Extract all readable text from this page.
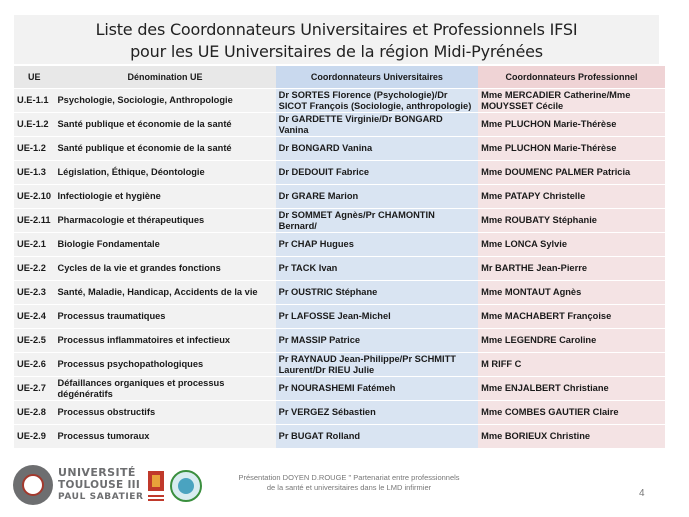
Liste des Coordonnateurs Universitaires et Professionnels IFSI
pour les UE Universitaires de la région Midi-Pyrénées
UE	Dénomination UE	Coordonnateurs Universitaires	Coordonnateurs Professionnel
U.E-1.1	Psychologie, Sociologie, Anthropologie	Dr SORTES Florence (Psychologie)/Dr SICOT François (Sociologie, anthropologie)	Mme MERCADIER Catherine/Mme MOUYSSET Cécile
U.E-1.2	Santé publique et économie de la santé	Dr GARDETTE Virginie/Dr BONGARD Vanina	Mme PLUCHON Marie-Thérèse
UE-1.2	Santé publique et économie de la santé	Dr BONGARD Vanina	Mme PLUCHON Marie-Thérèse
UE-1.3	Législation, Éthique, Déontologie	Dr DEDOUIT Fabrice	Mme DOUMENC PALMER Patricia
UE-2.10	Infectiologie et hygiène	Dr GRARE Marion	Mme PATAPY Christelle
UE-2.11	Pharmacologie et thérapeutiques	Dr SOMMET Agnès/Pr CHAMONTIN Bernard/	Mme ROUBATY Stéphanie
UE-2.1	Biologie Fondamentale	Pr CHAP Hugues	Mme LONCA Sylvie
UE-2.2	Cycles de la vie et grandes fonctions	Pr TACK Ivan	Mr BARTHE Jean-Pierre
UE-2.3	Santé, Maladie, Handicap, Accidents de la vie	Pr OUSTRIC Stéphane	Mme MONTAUT Agnès
UE-2.4	Processus traumatiques	Pr LAFOSSE Jean-Michel	Mme MACHABERT Françoise
UE-2.5	Processus inflammatoires et infectieux	Pr MASSIP Patrice	Mme LEGENDRE Caroline
UE-2.6	Processus psychopathologiques	Pr RAYNAUD Jean-Philippe/Pr SCHMITT Laurent/Dr RIEU Julie	M RIFF C
UE-2.7	Défaillances organiques et processus dégénératifs	Pr NOURASHEMI Fatémeh	Mme ENJALBERT Christiane
UE-2.8	Processus obstructifs	Pr VERGEZ Sébastien	Mme COMBES GAUTIER Claire
UE-2.9	Processus tumoraux	Pr BUGAT Rolland	Mme BORIEUX Christine
UNIVERSITÉ
TOULOUSE III
PAUL SABATIER
Présentation DOYEN D.ROUGE " Partenariat entre professionnels de la santé et universitaires dans le LMD infirmier
4
